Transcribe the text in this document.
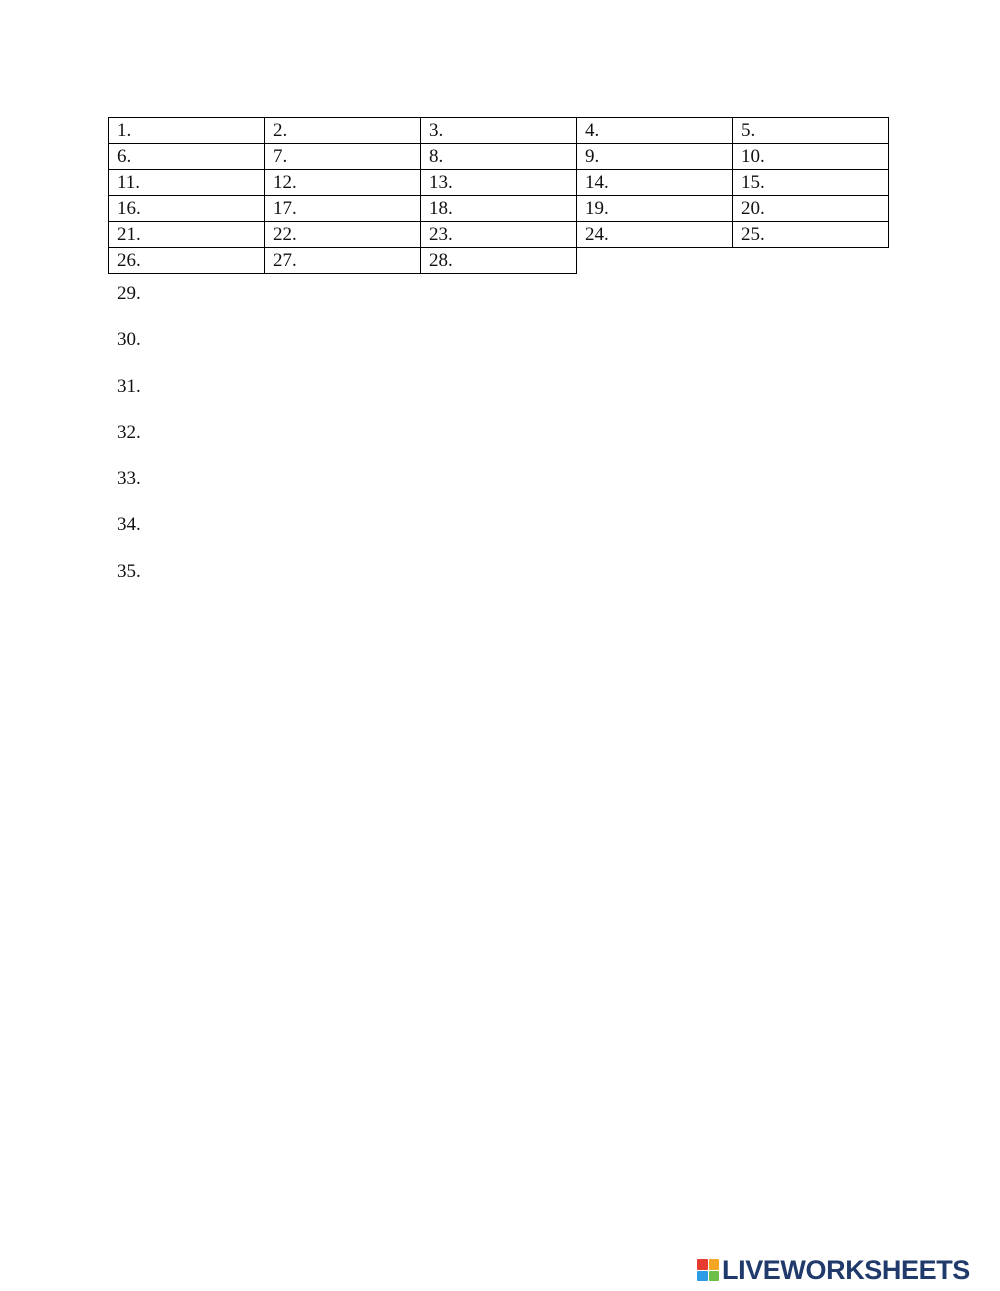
1.	2.	3.	4.	5.
6.	7.	8.	9.	10.
11.	12.	13.	14.	15.
16.	17.	18.	19.	20.
21.	22.	23.	24.	25.
26.	27.	28.		
29.
30.
31.
32.
33.
34.
35.
LIVEWORKSHEETS
